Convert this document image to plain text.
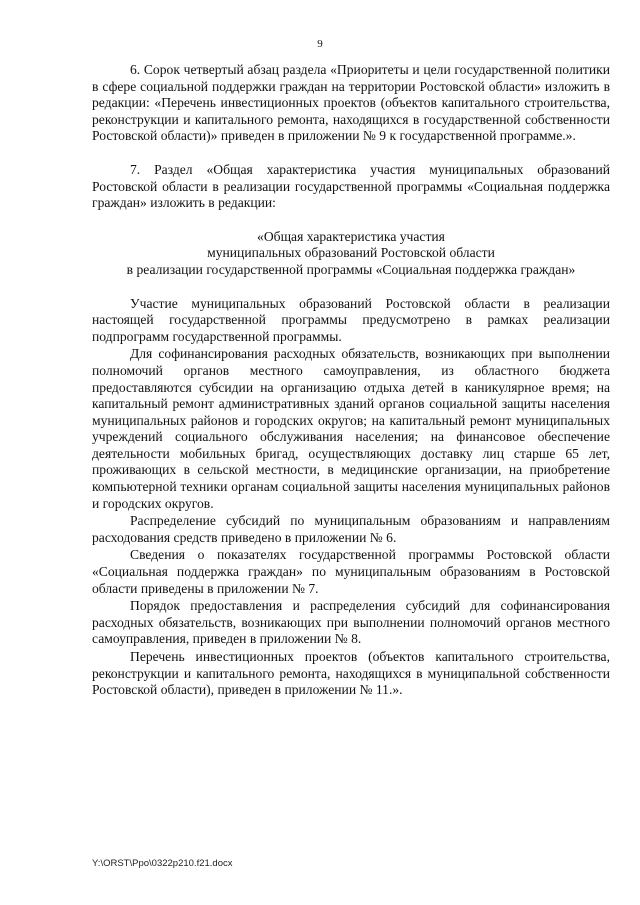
9

6. Сорок четвертый абзац раздела «Приоритеты и цели государственной политики в сфере социальной поддержки граждан на территории Ростовской области» изложить в редакции: «Перечень инвестиционных проектов (объектов капитального строительства, реконструкции и капитального ремонта, находящихся в государственной собственности Ростовской области)» приведен в приложении № 9 к государственной программе.».

7. Раздел «Общая характеристика участия муниципальных образований Ростовской области в реализации государственной программы «Социальная поддержка граждан» изложить в редакции:

«Общая характеристика участия
муниципальных образований Ростовской области
в реализации государственной программы «Социальная поддержка граждан»

Участие муниципальных образований Ростовской области в реализации настоящей государственной программы предусмотрено в рамках реализации подпрограмм государственной программы.

Для софинансирования расходных обязательств, возникающих при выполнении полномочий органов местного самоуправления, из областного бюджета предоставляются субсидии на организацию отдыха детей в каникулярное время; на капитальный ремонт административных зданий органов социальной защиты населения муниципальных районов и городских округов; на капитальный ремонт муниципальных учреждений социального обслуживания населения; на финансовое обеспечение деятельности мобильных бригад, осуществляющих доставку лиц старше 65 лет, проживающих в сельской местности, в медицинские организации, на приобретение компьютерной техники органам социальной защиты населения муниципальных районов и городских округов.

Распределение субсидий по муниципальным образованиям и направлениям расходования средств приведено в приложении № 6.

Сведения о показателях государственной программы Ростовской области «Социальная поддержка граждан» по муниципальным образованиям в Ростовской области приведены в приложении № 7.

Порядок предоставления и распределения субсидий для софинансирования расходных обязательств, возникающих при выполнении полномочий органов местного самоуправления, приведен в приложении № 8.

Перечень инвестиционных проектов (объектов капитального строительства, реконструкции и капитального ремонта, находящихся в муниципальной собственности Ростовской области), приведен в приложении № 11.».

Y:\ORST\Ppo\0322p210.f21.docx
